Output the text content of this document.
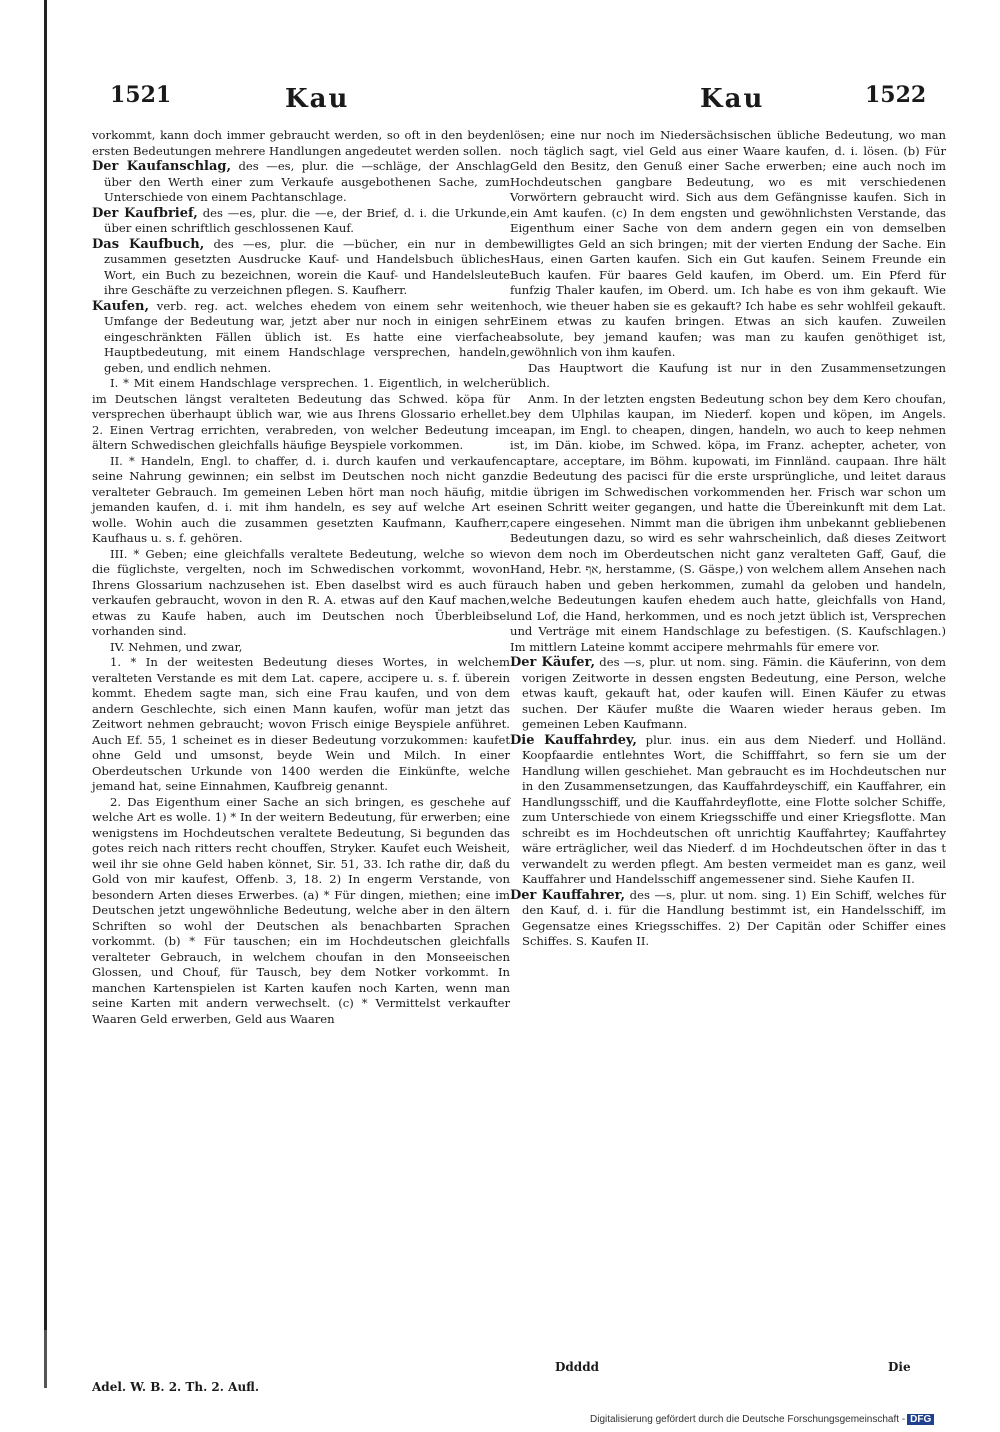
1521	Kau	Kau	1522

vorkommt, kann doch immer gebraucht werden, so oft in den beyden ersten Bedeutungen mehrere Handlungen angedeutet werden sollen.

Der Kaufanschlag, des —es, plur. die —schläge, der Anschlag über den Werth einer zum Verkaufe ausgebothenen Sache, zum Unterschiede von einem Pachtanschlage.

Der Kaufbrief, des —es, plur. die —e, der Brief, d. i. die Urkunde, über einen schriftlich geschlossenen Kauf.

Das Kaufbuch, des —es, plur. die —bücher, ein nur in dem zusammen gesetzten Ausdrucke Kauf- und Handelsbuch übliches Wort, ein Buch zu bezeichnen, worein die Kauf- und Handelsleute ihre Geschäfte zu verzeichnen pflegen. S. Kaufherr.

Kaufen, verb. reg. act. welches ehedem von einem sehr weiten Umfange der Bedeutung war, jetzt aber nur noch in einigen sehr eingeschränkten Fällen üblich ist. Es hatte eine vierfache Hauptbedeutung, mit einem Handschlage versprechen, handeln, geben, und endlich nehmen.

I. * Mit einem Handschlage versprechen. 1. Eigentlich, in welcher im Deutschen längst veralteten Bedeutung das Schwed. köpa für versprechen überhaupt üblich war, wie aus Ihrens Glossario erhellet. 2. Einen Vertrag errichten, verabreden, von welcher Bedeutung im ältern Schwedischen gleichfalls häufige Beyspiele vorkommen.

II. * Handeln, Engl. to chaffer, d. i. durch kaufen und verkaufen seine Nahrung gewinnen; ein selbst im Deutschen noch nicht ganz veralteter Gebrauch. Im gemeinen Leben hört man noch häufig, mit jemanden kaufen, d. i. mit ihm handeln, es sey auf welche Art es wolle. Wohin auch die zusammen gesetzten Kaufmann, Kaufherr, Kaufhaus u. s. f. gehören.

III. * Geben; eine gleichfalls veraltete Bedeutung, welche so wie die füglichste, vergelten, noch im Schwedischen vorkommt, wovon Ihrens Glossarium nachzusehen ist. Eben daselbst wird es auch für verkaufen gebraucht, wovon in den R. A. etwas auf den Kauf machen, etwas zu Kaufe haben, auch im Deutschen noch Überbleibsel vorhanden sind.

IV. Nehmen, und zwar,

1. * In der weitesten Bedeutung dieses Wortes, in welchem veralteten Verstande es mit dem Lat. capere, accipere u. s. f. überein kommt. Ehedem sagte man, sich eine Frau kaufen, und von dem andern Geschlechte, sich einen Mann kaufen, wofür man jetzt das Zeitwort nehmen gebraucht; wovon Frisch einige Beyspiele anführet. Auch Ef. 55, 1 scheinet es in dieser Bedeutung vorzukommen: kaufet ohne Geld und umsonst, beyde Wein und Milch. In einer Oberdeutschen Urkunde von 1400 werden die Einkünfte, welche jemand hat, seine Einnahmen, Kaufbreig genannt.

2. Das Eigenthum einer Sache an sich bringen, es geschehe auf welche Art es wolle. 1) * In der weitern Bedeutung, für erwerben; eine wenigstens im Hochdeutschen veraltete Bedeutung, Si begunden das gotes reich nach ritters recht chouffen, Stryker. Kaufet euch Weisheit, weil ihr sie ohne Geld haben könnet, Sir. 51, 33. Ich rathe dir, daß du Gold von mir kaufest, Offenb. 3, 18. 2) In engerm Verstande, von besondern Arten dieses Erwerbes. (a) * Für dingen, miethen; eine im Deutschen jetzt ungewöhnliche Bedeutung, welche aber in den ältern Schriften so wohl der Deutschen als benachbarten Sprachen vorkommt. (b) * Für tauschen; ein im Hochdeutschen gleichfalls veralteter Gebrauch, in welchem choufan in den Monseeischen Glossen, und Chouf, für Tausch, bey dem Notker vorkommt. In manchen Kartenspielen ist Karten kaufen noch Karten, wenn man seine Karten mit andern verwechselt. (c) * Vermittelst verkaufter Waaren Geld erwerben, Geld aus Waaren

lösen; eine nur noch im Niedersächsischen übliche Bedeutung, wo man noch täglich sagt, viel Geld aus einer Waare kaufen, d. i. lösen. (b) Für Geld den Besitz, den Genuß einer Sache erwerben; eine auch noch im Hochdeutschen gangbare Bedeutung, wo es mit verschiedenen Vorwörtern gebraucht wird. Sich aus dem Gefängnisse kaufen. Sich in ein Amt kaufen. (c) In dem engsten und gewöhnlichsten Verstande, das Eigenthum einer Sache von dem andern gegen ein von demselben bewilligtes Geld an sich bringen; mit der vierten Endung der Sache. Ein Haus, einen Garten kaufen. Sich ein Gut kaufen. Seinem Freunde ein Buch kaufen. Für baares Geld kaufen, im Oberd. um. Ein Pferd für funfzig Thaler kaufen, im Oberd. um. Ich habe es von ihm gekauft. Wie hoch, wie theuer haben sie es gekauft? Ich habe es sehr wohlfeil gekauft. Einem etwas zu kaufen bringen. Etwas an sich kaufen. Zuweilen absolute, bey jemand kaufen; was man zu kaufen genöthiget ist, gewöhnlich von ihm kaufen.

Das Hauptwort die Kaufung ist nur in den Zusammensetzungen üblich.

Anm. In der letzten engsten Bedeutung schon bey dem Kero choufan, bey dem Ulphilas kaupan, im Niederf. kopen und köpen, im Angels. ceapan, im Engl. to cheapen, dingen, handeln, wo auch to keep nehmen ist, im Dän. kiobe, im Schwed. köpa, im Franz. achepter, acheter, von captare, acceptare, im Böhm. kupowati, im Finnländ. caupaan. Ihre hält die Bedeutung des pacisci für die erste ursprüngliche, und leitet daraus die übrigen im Schwedischen vorkommenden her. Frisch war schon um einen Schritt weiter gegangen, und hatte die Übereinkunft mit dem Lat. capere eingesehen. Nimmt man die übrigen ihm unbekannt gebliebenen Bedeutungen dazu, so wird es sehr wahrscheinlich, daß dieses Zeitwort von dem noch im Oberdeutschen nicht ganz veralteten Gaff, Gauf, die Hand, Hebr. אף, herstamme, (S. Gäspe,) von welchem allem Ansehen nach auch haben und geben herkommen, zumahl da geloben und handeln, welche Bedeutungen kaufen ehedem auch hatte, gleichfalls von Hand, und Lof, die Hand, herkommen, und es noch jetzt üblich ist, Versprechen und Verträge mit einem Handschlage zu befestigen. (S. Kaufschlagen.) Im mittlern Lateine kommt accipere mehrmahls für emere vor.

Der Käufer, des —s, plur. ut nom. sing. Fämin. die Käuferinn, von dem vorigen Zeitworte in dessen engsten Bedeutung, eine Person, welche etwas kauft, gekauft hat, oder kaufen will. Einen Käufer zu etwas suchen. Der Käufer mußte die Waaren wieder heraus geben. Im gemeinen Leben Kaufmann.

Die Kauffahrdey, plur. inus. ein aus dem Niederf. und Holländ. Koopfaardie entlehntes Wort, die Schifffahrt, so fern sie um der Handlung willen geschiehet. Man gebraucht es im Hochdeutschen nur in den Zusammensetzungen, das Kauffahrdeyschiff, ein Kauffahrer, ein Handlungsschiff, und die Kauffahrdeyflotte, eine Flotte solcher Schiffe, zum Unterschiede von einem Kriegsschiffe und einer Kriegsflotte. Man schreibt es im Hochdeutschen oft unrichtig Kauffahrtey; Kauffahrtey wäre erträglicher, weil das Niederf. d im Hochdeutschen öfter in das t verwandelt zu werden pflegt. Am besten vermeidet man es ganz, weil Kauffahrer und Handelsschiff angemessener sind. Siehe Kaufen II.

Der Kauffahrer, des —s, plur. ut nom. sing. 1) Ein Schiff, welches für den Kauf, d. i. für die Handlung bestimmt ist, ein Handelsschiff, im Gegensatze eines Kriegsschiffes. 2) Der Capitän oder Schiffer eines Schiffes. S. Kaufen II.

Adel. W. B. 2. Th. 2. Aufl.
Ddddd	Die
Digitalisierung gefördert durch die Deutsche Forschungsgemeinschaft - DFG
